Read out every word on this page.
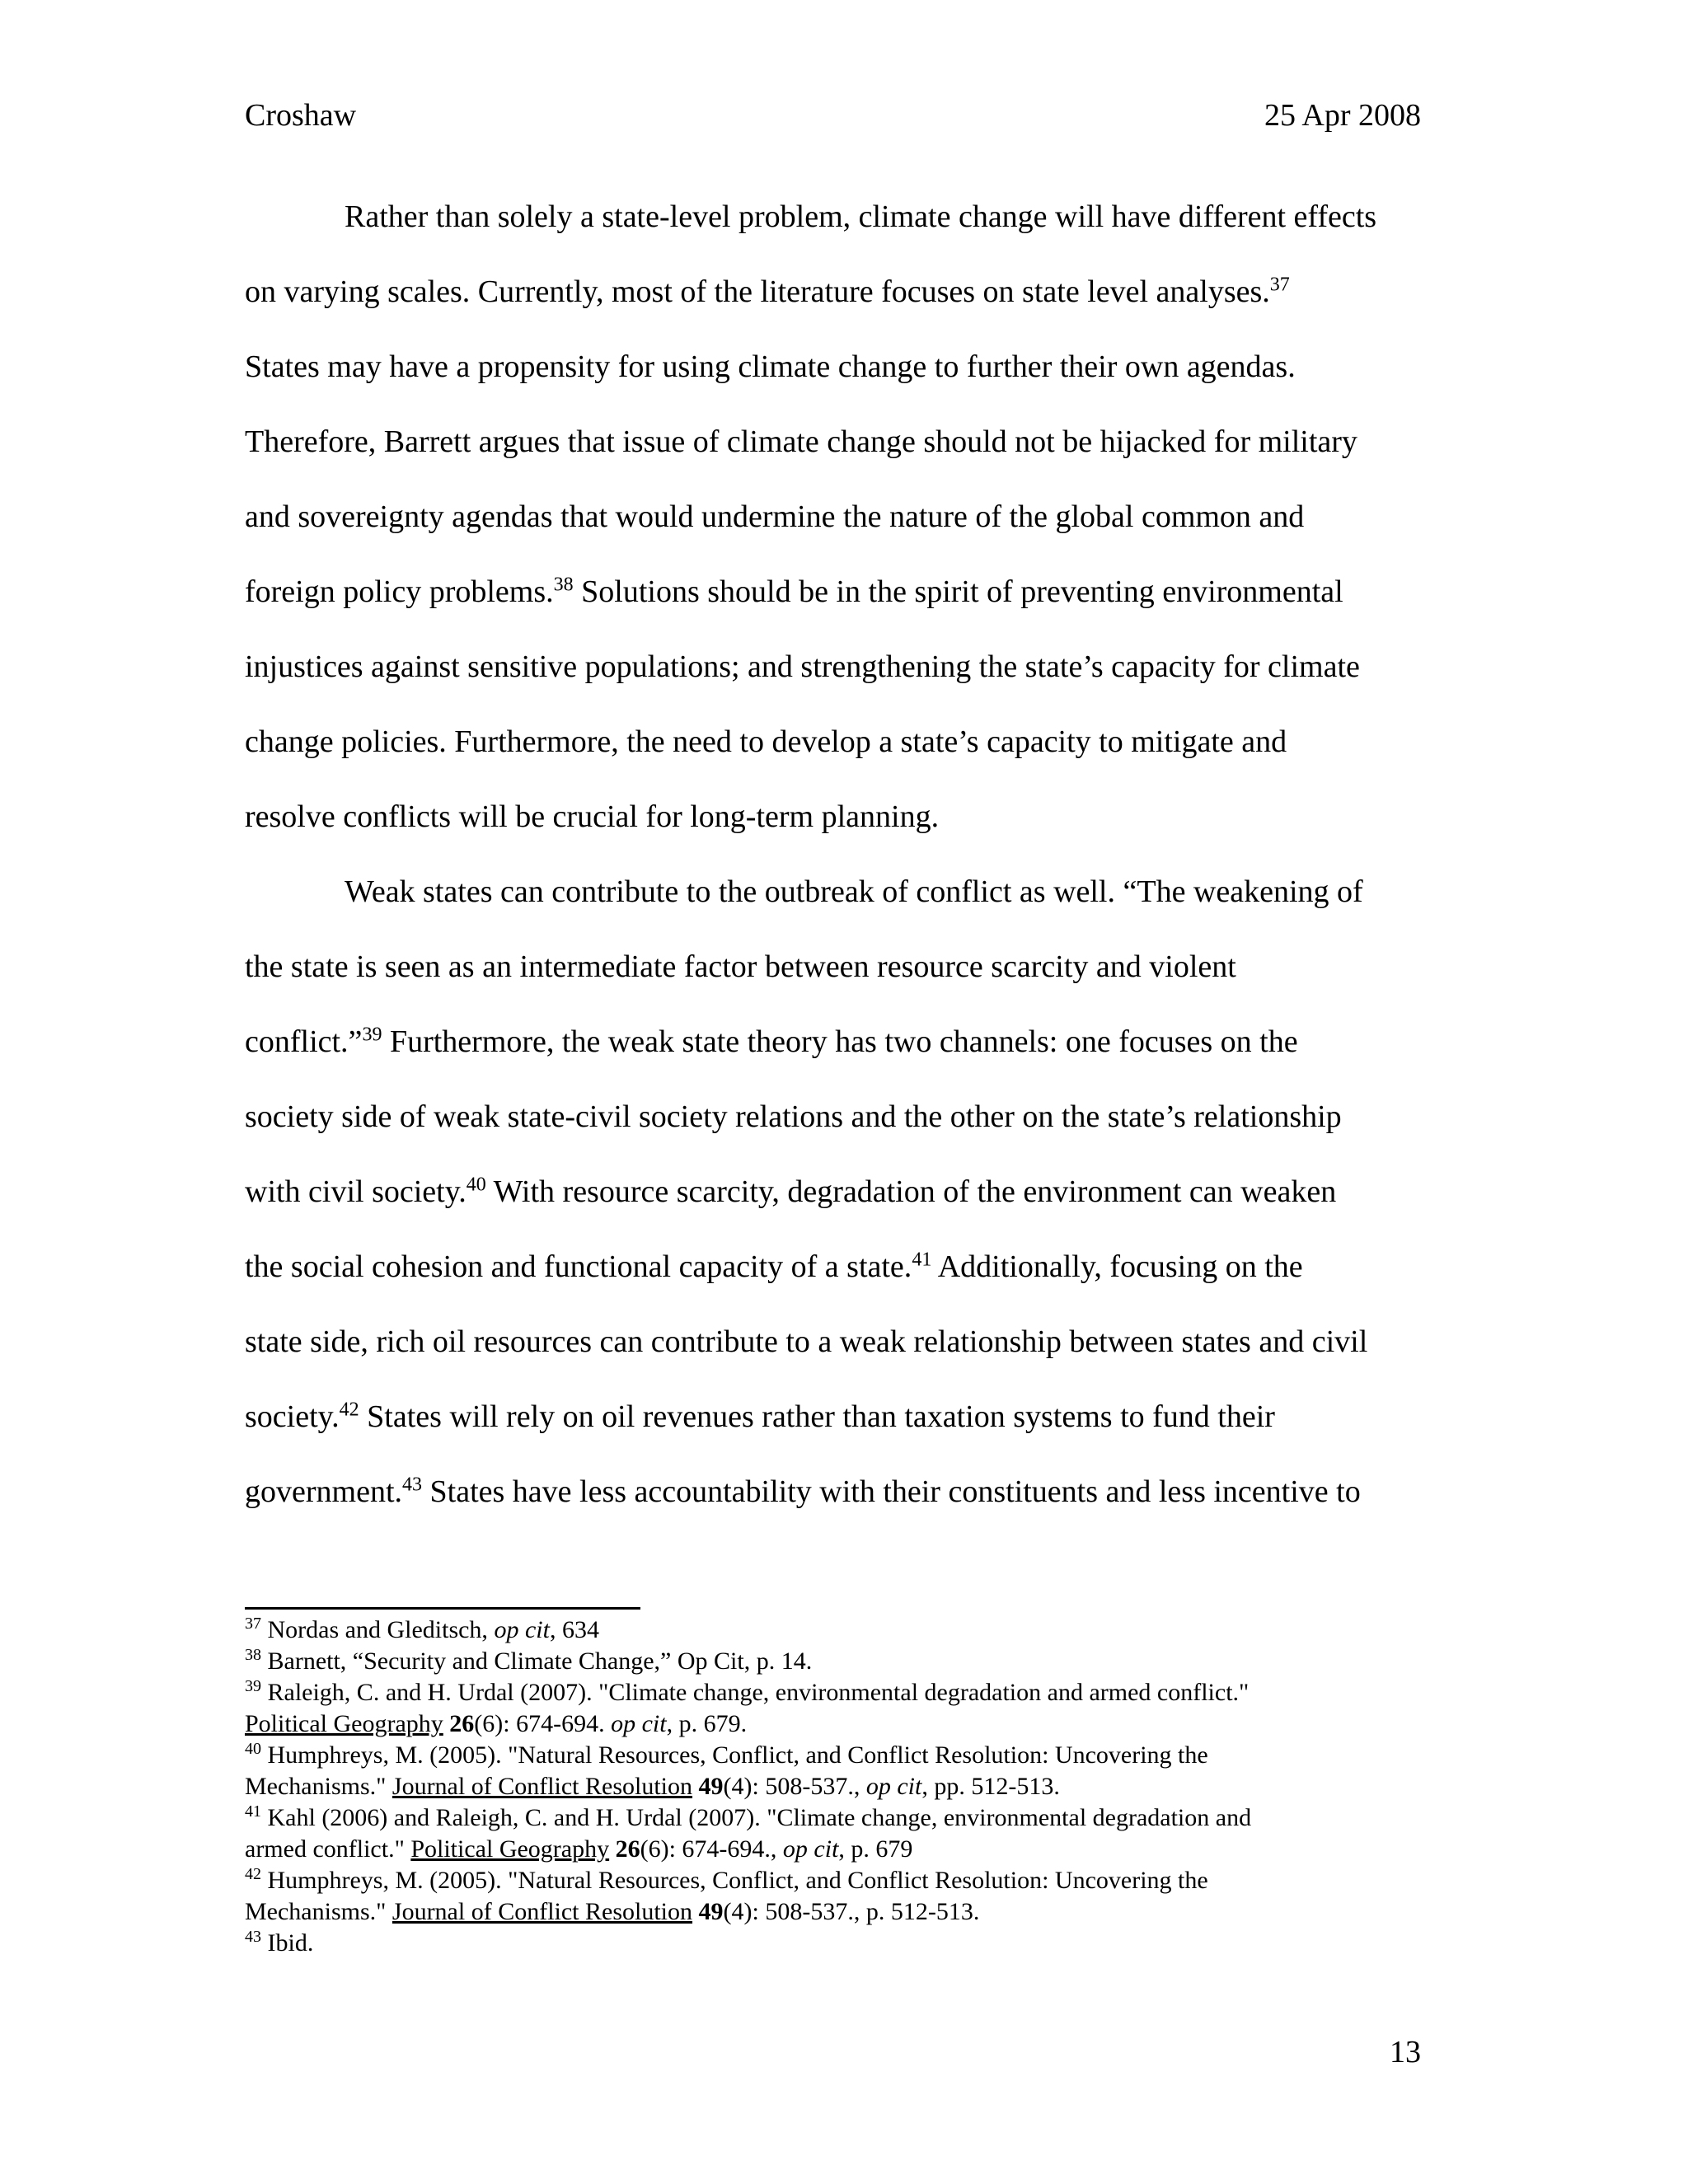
Croshaw	25 Apr 2008
Rather than solely a state-level problem, climate change will have different effects
on varying scales. Currently, most of the literature focuses on state level analyses.$^{37}$
States may have a propensity for using climate change to further their own agendas.
Therefore, Barrett argues that issue of climate change should not be hijacked for military
and sovereignty agendas that would undermine the nature of the global common and
foreign policy problems.$^{38}$ Solutions should be in the spirit of preventing environmental
injustices against sensitive populations; and strengthening the state’s capacity for climate
change policies. Furthermore, the need to develop a state’s capacity to mitigate and
resolve conflicts will be crucial for long-term planning.
Weak states can contribute to the outbreak of conflict as well. “The weakening of
the state is seen as an intermediate factor between resource scarcity and violent
conflict.”$^{39}$ Furthermore, the weak state theory has two channels: one focuses on the
society side of weak state-civil society relations and the other on the state’s relationship
with civil society.$^{40}$ With resource scarcity, degradation of the environment can weaken
the social cohesion and functional capacity of a state.$^{41}$ Additionally, focusing on the
state side, rich oil resources can contribute to a weak relationship between states and civil
society.$^{42}$ States will rely on oil revenues rather than taxation systems to fund their
government.$^{43}$ States have less accountability with their constituents and less incentive to
$^{37}$ Nordas and Gleditsch, op cit, 634
$^{38}$ Barnett, “Security and Climate Change,” Op Cit, p. 14.
$^{39}$ Raleigh, C. and H. Urdal (2007). "Climate change, environmental degradation and armed conflict."
Political Geography 26(6): 674-694. op cit, p. 679.
$^{40}$ Humphreys, M. (2005). "Natural Resources, Conflict, and Conflict Resolution: Uncovering the
Mechanisms." Journal of Conflict Resolution 49(4): 508-537., op cit, pp. 512-513.
$^{41}$ Kahl (2006) and Raleigh, C. and H. Urdal (2007). "Climate change, environmental degradation and
armed conflict." Political Geography 26(6): 674-694., op cit, p. 679
$^{42}$ Humphreys, M. (2005). "Natural Resources, Conflict, and Conflict Resolution: Uncovering the
Mechanisms." Journal of Conflict Resolution 49(4): 508-537., p. 512-513.
$^{43}$ Ibid.
13
